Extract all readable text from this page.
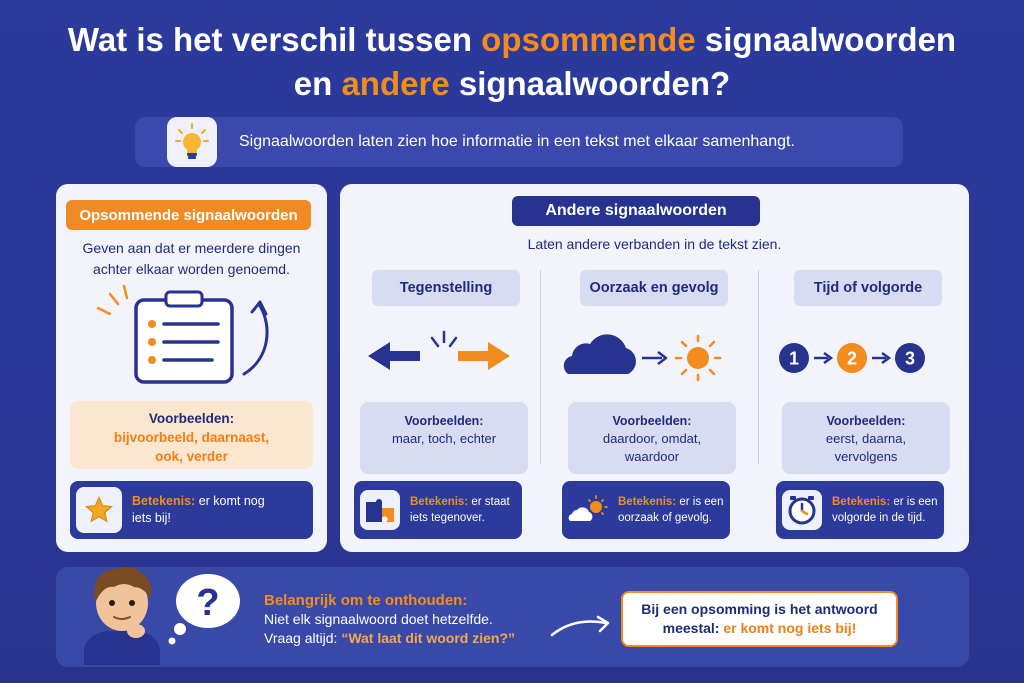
Wat is het verschil tussen opsommende signaalwoorden
en andere signaalwoorden?
Signaalwoorden laten zien hoe informatie in een tekst met elkaar samenhangt.
Opsommende signaalwoorden
Geven aan dat er meerdere dingen achter elkaar worden genoemd.
Voorbeelden:
bijvoorbeeld, daarnaast,
ook, verder
Betekenis: er komt nog
iets bij!
Andere signaalwoorden
Laten andere verbanden in de tekst zien.
Tegenstelling
Voorbeelden:
maar, toch, echter
Oorzaak en gevolg
Voorbeelden:
daardoor, omdat,
waardoor
Tijd of volgorde
1	2	3
Voorbeelden:
eerst, daarna,
vervolgens
Betekenis: er staat
iets tegenover.
Betekenis: er is een
oorzaak of gevolg.
Betekenis: er is een
volgorde in de tijd.
?	Belangrijk om te onthouden:
Niet elk signaalwoord doet hetzelfde.
Vraag altijd: “Wat laat dit woord zien?”
Bij een opsomming is het antwoord
meestal: er komt nog iets bij!
